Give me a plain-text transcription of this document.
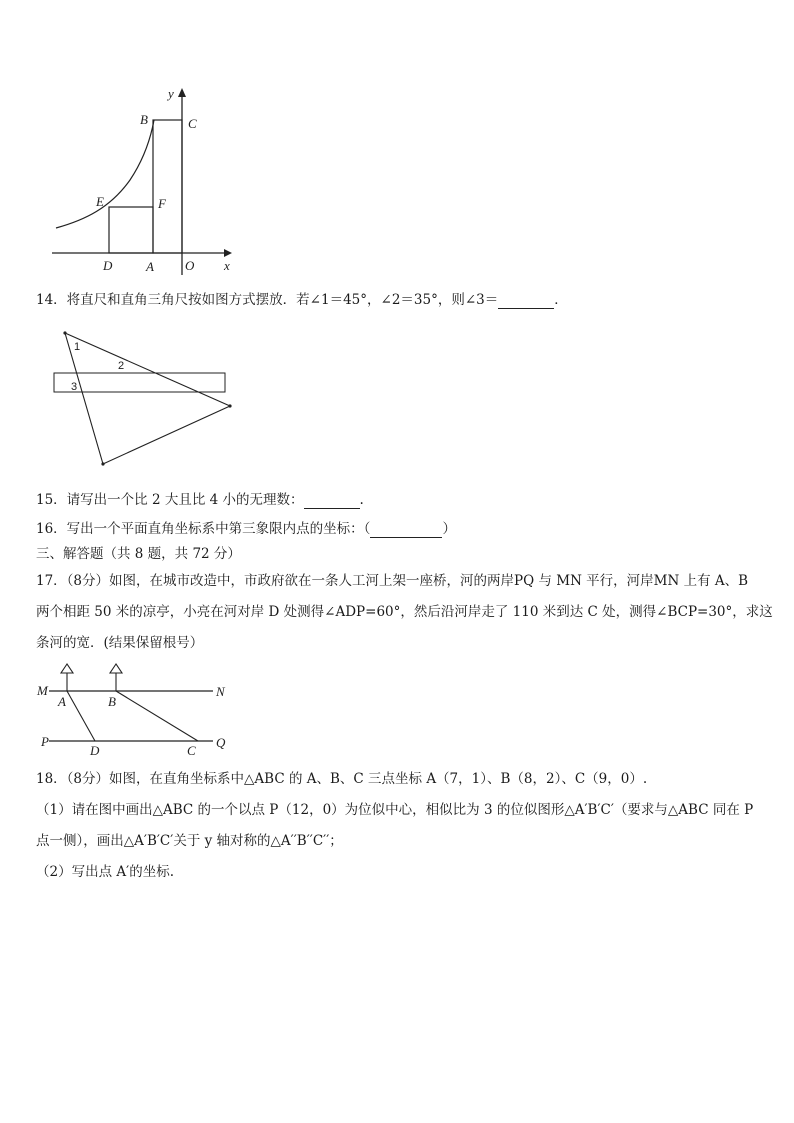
y
x
B	C
E	F
D	A O
14．将直尺和直角三角尺按如图方式摆放．若∠1＝45°，∠2＝35°，则∠3＝	．
1
2
3
15．请写出一个比 2 大且比 4 小的无理数：	.
16．写出一个平面直角坐标系中第三象限内点的坐标：（	）
三、解答题（共 8 题，共 72 分）
17．（8分）如图，在城市改造中，市政府欲在一条人工河上架一座桥，河的两岸PQ 与 MN 平行，河岸MN 上有 A、B
两个相距 50 米的凉亭，小亮在河对岸 D 处测得∠ADP=60°，然后沿河岸走了 110 米到达 C 处，测得∠BCP=30°，求这
条河的宽．(结果保留根号）
M	N
A	B
P	Q
D	C
18．（8分）如图，在直角坐标系中△ABC 的 A、B、C 三点坐标 A（7，1）、B（8，2）、C（9，0）.
（1）请在图中画出△ABC 的一个以点 P（12，0）为位似中心，相似比为 3 的位似图形△A′B′C′（要求与△ABC 同在 P
点一侧），画出△A′B′C′关于 y 轴对称的△A′′B′′C′′；
（2）写出点 A′的坐标.
